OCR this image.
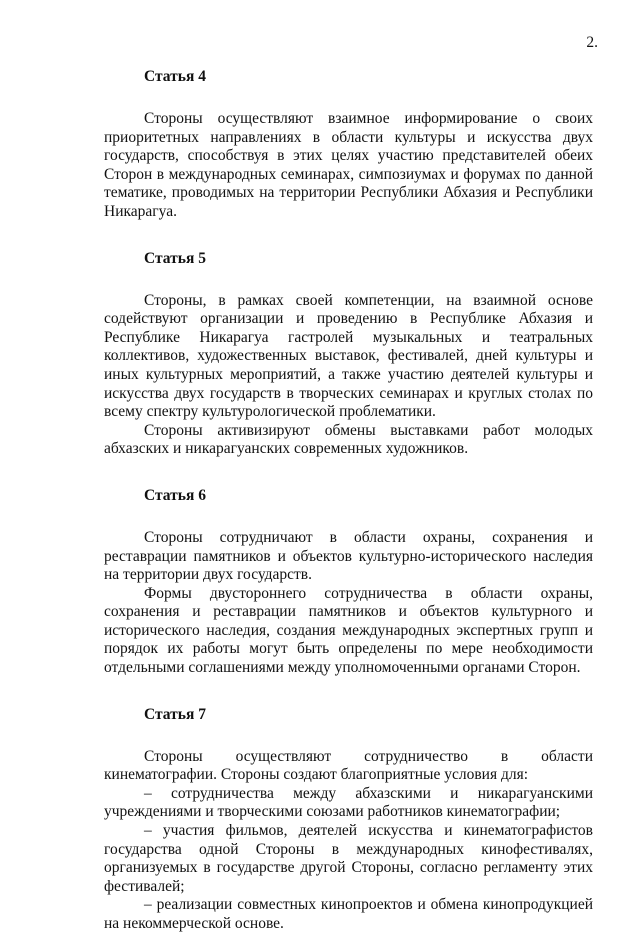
2.
Статья 4

Стороны осуществляют взаимное информирование о своих приоритетных направлениях в области культуры и искусства двух государств, способствуя в этих целях участию представителей обеих Сторон в международных семинарах, симпозиумах и форумах по данной тематике, проводимых на территории Республики Абхазия и Республики Никарагуа.

Статья 5

Стороны, в рамках своей компетенции, на взаимной основе содействуют организации и проведению в Республике Абхазия и Республике Никарагуа гастролей музыкальных и театральных коллективов, художественных выставок, фестивалей, дней культуры и иных культурных мероприятий, а также участию деятелей культуры и искусства двух государств в творческих семинарах и круглых столах по всему спектру культурологической проблематики.

Стороны активизируют обмены выставками работ молодых абхазских и никарагуанских современных художников.

Статья 6

Стороны сотрудничают в области охраны, сохранения и реставрации памятников и объектов культурно-исторического наследия на территории двух государств.

Формы двустороннего сотрудничества в области охраны, сохранения и реставрации памятников и объектов культурного и исторического наследия, создания международных экспертных групп и порядок их работы могут быть определены по мере необходимости отдельными соглашениями между уполномоченными органами Сторон.

Статья 7

Стороны осуществляют сотрудничество в области кинематографии. Стороны создают благоприятные условия для:

– сотрудничества между абхазскими и никарагуанскими учреждениями и творческими союзами работников кинематографии;

– участия фильмов, деятелей искусства и кинематографистов государства одной Стороны в международных кинофестивалях, организуемых в государстве другой Стороны, согласно регламенту этих фестивалей;

– реализации совместных кинопроектов и обмена кинопродукцией на некоммерческой основе.
